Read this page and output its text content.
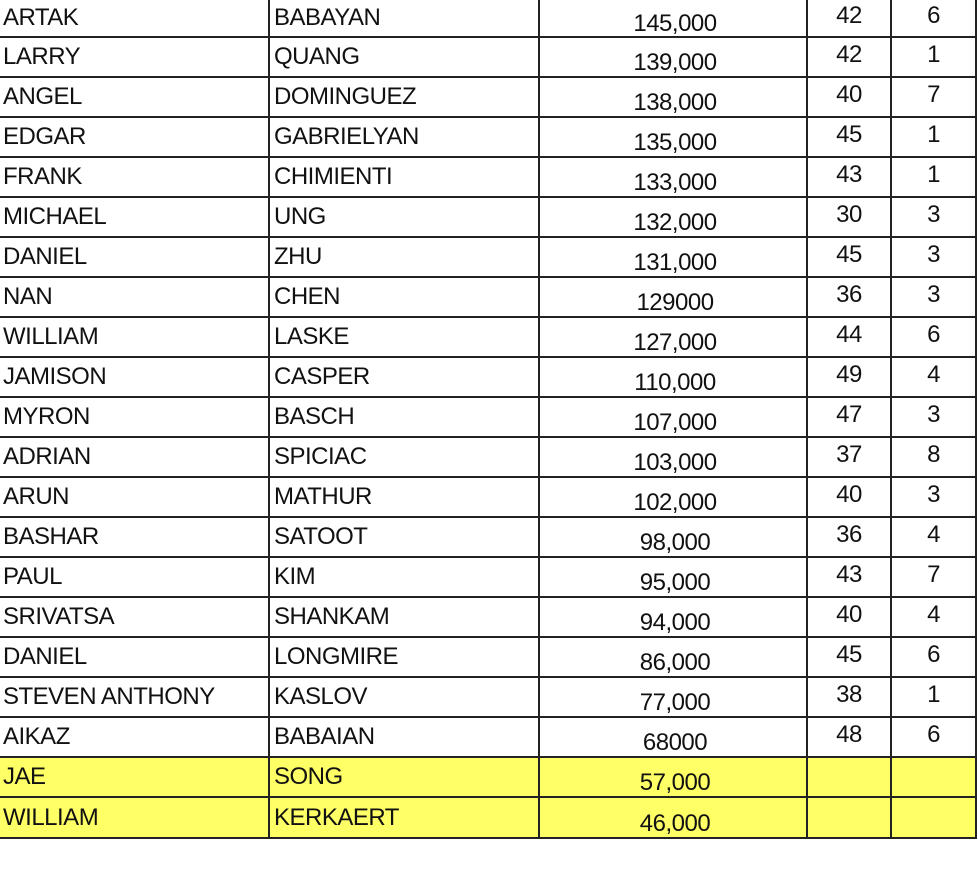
ARTAK	BABAYAN	145,000	42	6
LARRY	QUANG	139,000	42	1
ANGEL	DOMINGUEZ	138,000	40	7
EDGAR	GABRIELYAN	135,000	45	1
FRANK	CHIMIENTI	133,000	43	1
MICHAEL	UNG	132,000	30	3
DANIEL	ZHU	131,000	45	3
NAN	CHEN	129000	36	3
WILLIAM	LASKE	127,000	44	6
JAMISON	CASPER	110,000	49	4
MYRON	BASCH	107,000	47	3
ADRIAN	SPICIAC	103,000	37	8
ARUN	MATHUR	102,000	40	3
BASHAR	SATOOT	98,000	36	4
PAUL	KIM	95,000	43	7
SRIVATSA	SHANKAM	94,000	40	4
DANIEL	LONGMIRE	86,000	45	6
STEVEN ANTHONY	KASLOV	77,000	38	1
AIKAZ	BABAIAN	68000	48	6
JAE	SONG	57,000		
WILLIAM	KERKAERT	46,000		
